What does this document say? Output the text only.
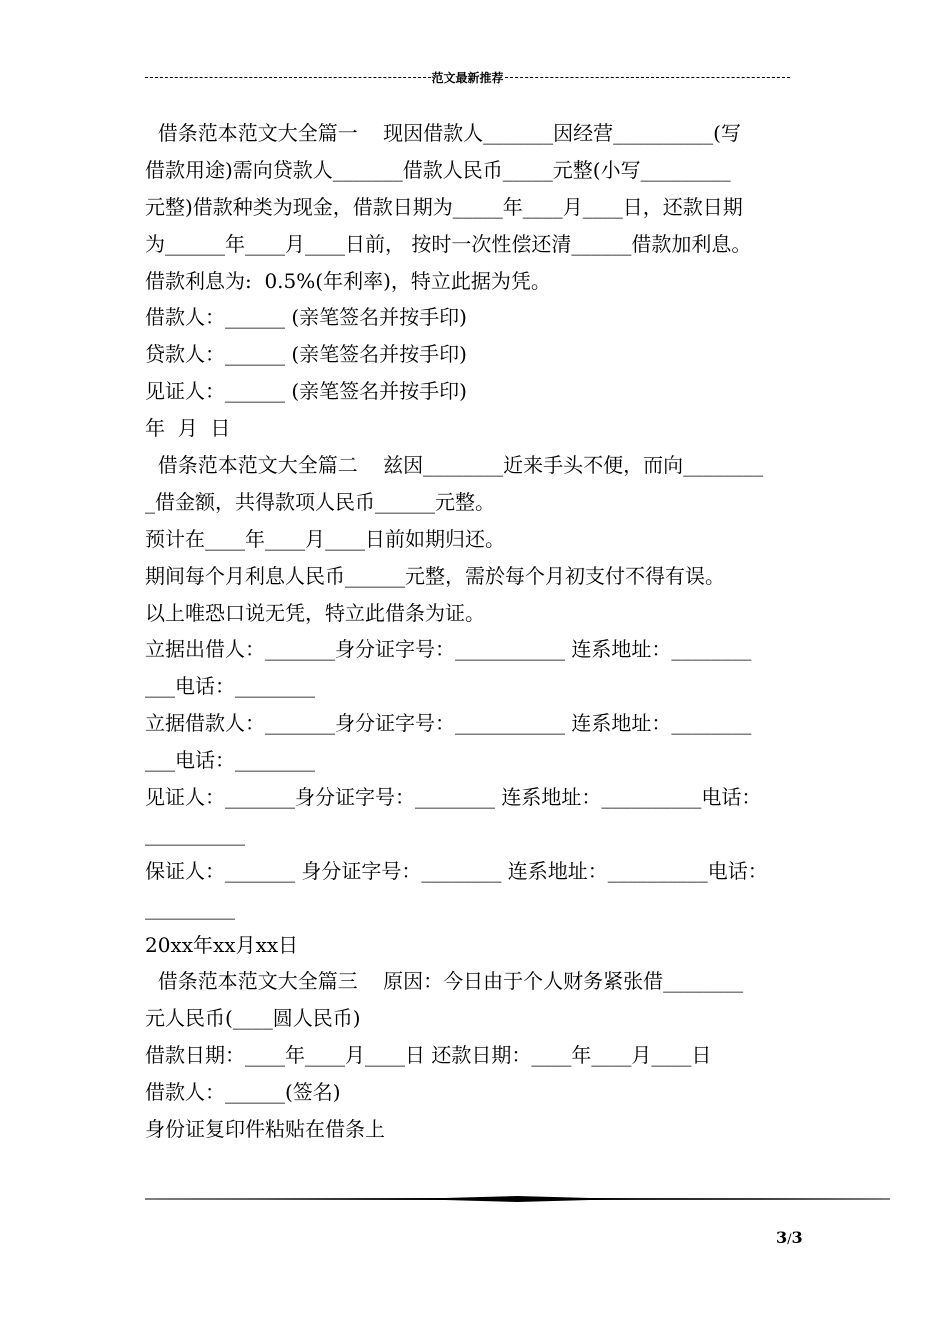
范文最新推荐
借条范本范文大全篇一    现因借款人_______因经营__________(写
借款用途)需向贷款人_______借款人民币_____元整(小写_________
元整)借款种类为现金，借款日期为_____年____月____日，还款日期
为______年____月____日前， 按时一次性偿还清______借款加利息。
借款利息为:  0.5%(年利率)，特立此据为凭。
借款人：______ (亲笔签名并按手印)
贷款人：______ (亲笔签名并按手印)
见证人：______ (亲笔签名并按手印)
年  月  日
借条范本范文大全篇二    兹因________近来手头不便，而向________
_借金额，共得款项人民币______元整。
预计在____年____月____日前如期归还。
期间每个月利息人民币______元整，需於每个月初支付不得有误。
以上唯恐口说无凭，特立此借条为证。
立据出借人：_______身分证字号：___________ 连系地址：________
___电话：________
立据借款人：_______身分证字号：___________ 连系地址：________
___电话：________
见证人：_______身分证字号：________ 连系地址：__________电话：
__________
保证人：_______ 身分证字号：________ 连系地址：__________电话：
_________
20xx年xx月xx日
借条范本范文大全篇三    原因：今日由于个人财务紧张借________
元人民币(____圆人民币)
借款日期：____年____月____日 还款日期：____年____月____日
借款人：______(签名)
身份证复印件粘贴在借条上
3/3
